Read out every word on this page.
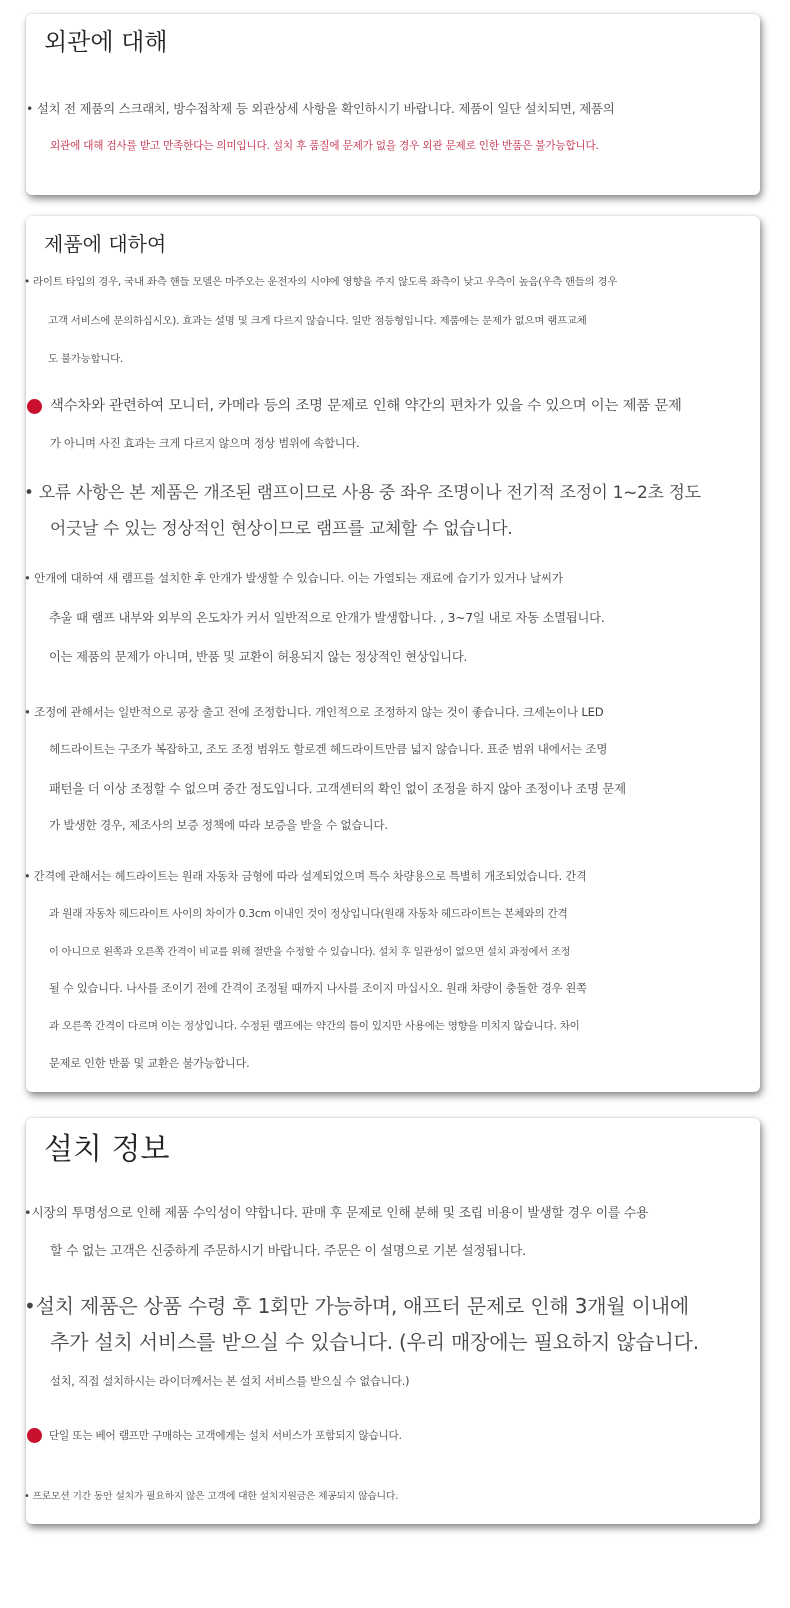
외관에 대해
• 설치 전 제품의 스크래치, 방수접착제 등 외관상세 사항을 확인하시기 바랍니다. 제품이 일단 설치되면, 제품의
외관에 대해 검사를 받고 만족한다는 의미입니다. 설치 후 품질에 문제가 없을 경우 외관 문제로 인한 반품은 불가능합니다.
제품에 대하여
• 라이트 타입의 경우, 국내 좌측 핸들 모델은 마주오는 운전자의 시야에 영향을 주지 않도록 좌측이 낮고 우측이 높음(우측 핸들의 경우
고객 서비스에 문의하십시오). 효과는 설명 및 크게 다르지 않습니다. 일반 점등형입니다. 제품에는 문제가 없으며 램프교체
도 불가능합니다.
색수차와 관련하여 모니터, 카메라 등의 조명 문제로 인해 약간의 편차가 있을 수 있으며 이는 제품 문제
가 아니며 사진 효과는 크게 다르지 않으며 정상 범위에 속합니다.
• 오류 사항은 본 제품은 개조된 램프이므로 사용 중 좌우 조명이나 전기적 조정이 1~2초 정도
어긋날 수 있는 정상적인 현상이므로 램프를 교체할 수 없습니다.
• 안개에 대하여 새 램프를 설치한 후 안개가 발생할 수 있습니다. 이는 가열되는 재료에 습기가 있거나 날씨가
추울 때 램프 내부와 외부의 온도차가 커서 일반적으로 안개가 발생합니다. , 3~7일 내로 자동 소멸됩니다.
이는 제품의 문제가 아니며, 반품 및 교환이 허용되지 않는 정상적인 현상입니다.
• 조정에 관해서는 일반적으로 공장 출고 전에 조정합니다. 개인적으로 조정하지 않는 것이 좋습니다. 크세논이나 LED
헤드라이트는 구조가 복잡하고, 조도 조정 범위도 할로겐 헤드라이트만큼 넓지 않습니다. 표준 범위 내에서는 조명
패턴을 더 이상 조정할 수 없으며 중간 정도입니다. 고객센터의 확인 없이 조정을 하지 않아 조정이나 조명 문제
가 발생한 경우, 제조사의 보증 정책에 따라 보증을 받을 수 없습니다.
• 간격에 관해서는 헤드라이트는 원래 자동차 금형에 따라 설계되었으며 특수 차량용으로 특별히 개조되었습니다. 간격
과 원래 자동차 헤드라이트 사이의 차이가 0.3cm 이내인 것이 정상입니다(원래 자동차 헤드라이트는 본체와의 간격
이 아니므로 왼쪽과 오른쪽 간격이 비교를 위해 절반을 수정할 수 있습니다). 설치 후 일관성이 없으면 설치 과정에서 조정
될 수 있습니다. 나사를 조이기 전에 간격이 조정될 때까지 나사를 조이지 마십시오. 원래 차량이 충돌한 경우 왼쪽
과 오른쪽 간격이 다르며 이는 정상입니다. 수정된 램프에는 약간의 틈이 있지만 사용에는 영향을 미치지 않습니다. 차이
문제로 인한 반품 및 교환은 불가능합니다.
설치 정보
•시장의 투명성으로 인해 제품 수익성이 약합니다. 판매 후 문제로 인해 분해 및 조립 비용이 발생할 경우 이를 수용
할 수 없는 고객은 신중하게 주문하시기 바랍니다. 주문은 이 설명으로 기본 설정됩니다.
•설치 제품은 상품 수령 후 1회만 가능하며, 애프터 문제로 인해 3개월 이내에
추가 설치 서비스를 받으실 수 있습니다. (우리 매장에는 필요하지 않습니다.
설치, 직접 설치하시는 라이더께서는 본 설치 서비스를 받으실 수 없습니다.)
단일 또는 베어 램프만 구매하는 고객에게는 설치 서비스가 포함되지 않습니다.
• 프로모션 기간 동안 설치가 필요하지 않은 고객에 대한 설치지원금은 제공되지 않습니다.
